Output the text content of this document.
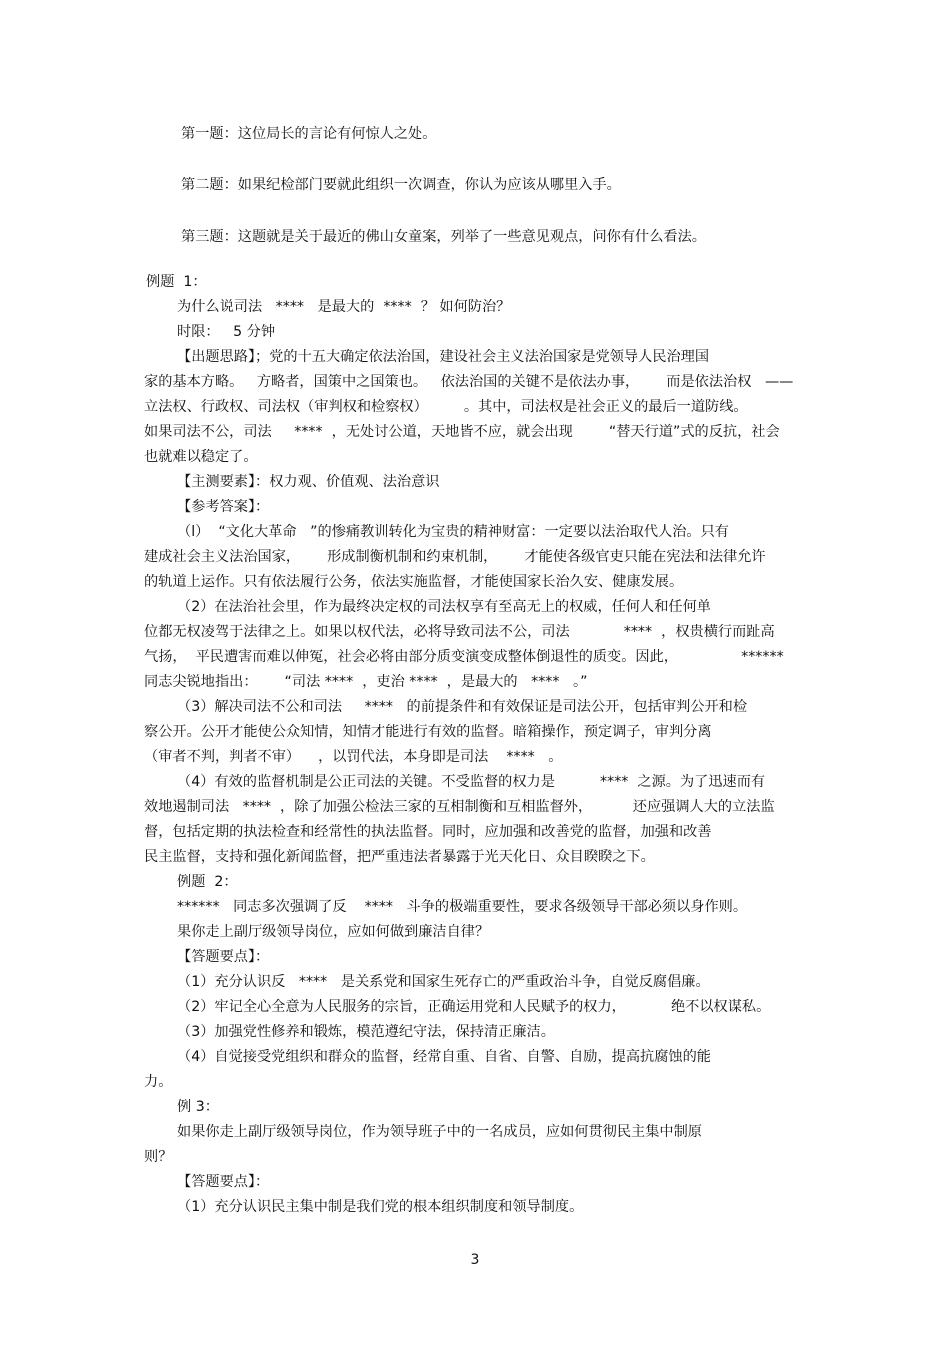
第一题：这位局长的言论有何惊人之处。
第二题：如果纪检部门要就此组织一次调查，你认为应该从哪里入手。
第三题：这题就是关于最近的佛山女童案，列举了一些意见观点，问你有什么看法。
例题  1：
为什么说司法   ****   是最大的  ****  ？ 如何防治？
时限：   5 分钟
【出题思路】；党的十五大确定依法治国，建设社会主义法治国家是党领导人民治理国
家的基本方略。   方略者，国策中之国策也。   依法治国的关键不是依法办事，      而是依法治权   ——
立法权、行政权、司法权（审判权和检察权）        。其中，司法权是社会正义的最后一道防线。
如果司法不公，司法     ****  ，无处讨公道，天地皆不应，就会出现        “替天行道”式的反抗，社会
也就难以稳定了。
【主测要素】：权力观、价值观、法治意识
【参考答案】：
（l）  “文化大革命   ”的惨痛教训转化为宝贵的精神财富：一定要以法治取代人治。只有
建成社会主义法治国家，      形成制衡机制和约束机制，      才能使各级官吏只能在宪法和法律允许
的轨道上运作。只有依法履行公务，依法实施监督，才能使国家长治久安、健康发展。
（2）在法治社会里，作为最终决定权的司法权享有至高无上的权威，任何人和任何单
位都无权凌驾于法律之上。如果以权代法，必将导致司法不公，司法            ****  ，权贵横行而趾高
气扬，  平民遭害而难以伸冤，社会必将由部分质变演变成整体倒退性的质变。因此，              ******
同志尖锐地指出：      “司法 ****  ，吏治 ****  ，是最大的   ****   。”
（3）解决司法不公和司法     ****   的前提条件和有效保证是司法公开，包括审判公开和检
察公开。公开才能使公众知情，知情才能进行有效的监督。暗箱操作，预定调子，审判分离
（审者不判，判者不审）    ，以罚代法，本身即是司法    ****   。
（4）有效的监督机制是公正司法的关键。不受监督的权力是          ****  之源。为了迅速而有
效地遏制司法   ****  ，除了加强公检法三家的互相制衡和互相监督外，         还应强调人大的立法监
督，包括定期的执法检查和经常性的执法监督。同时，应加强和改善党的监督，加强和改善
民主监督，支持和强化新闻监督，把严重违法者暴露于光天化日、众目睽睽之下。
例题  2：
******   同志多次强调了反    ****   斗争的极端重要性，要求各级领导干部必须以身作则。
果你走上副厅级领导岗位，应如何做到廉洁自律？
【答题要点】：
（1）充分认识反   ****   是关系党和国家生死存亡的严重政治斗争，自觉反腐倡廉。
（2）牢记全心全意为人民服务的宗旨，正确运用党和人民赋予的权力，          绝不以权谋私。
（3）加强党性修养和锻炼，模范遵纪守法，保持清正廉洁。
（4）自觉接受党组织和群众的监督，经常自重、自省、自警、自励，提高抗腐蚀的能
力。
例 3：
如果你走上副厅级领导岗位，作为领导班子中的一名成员，应如何贯彻民主集中制原
则？
【答题要点】：
（1）充分认识民主集中制是我们党的根本组织制度和领导制度。
3
